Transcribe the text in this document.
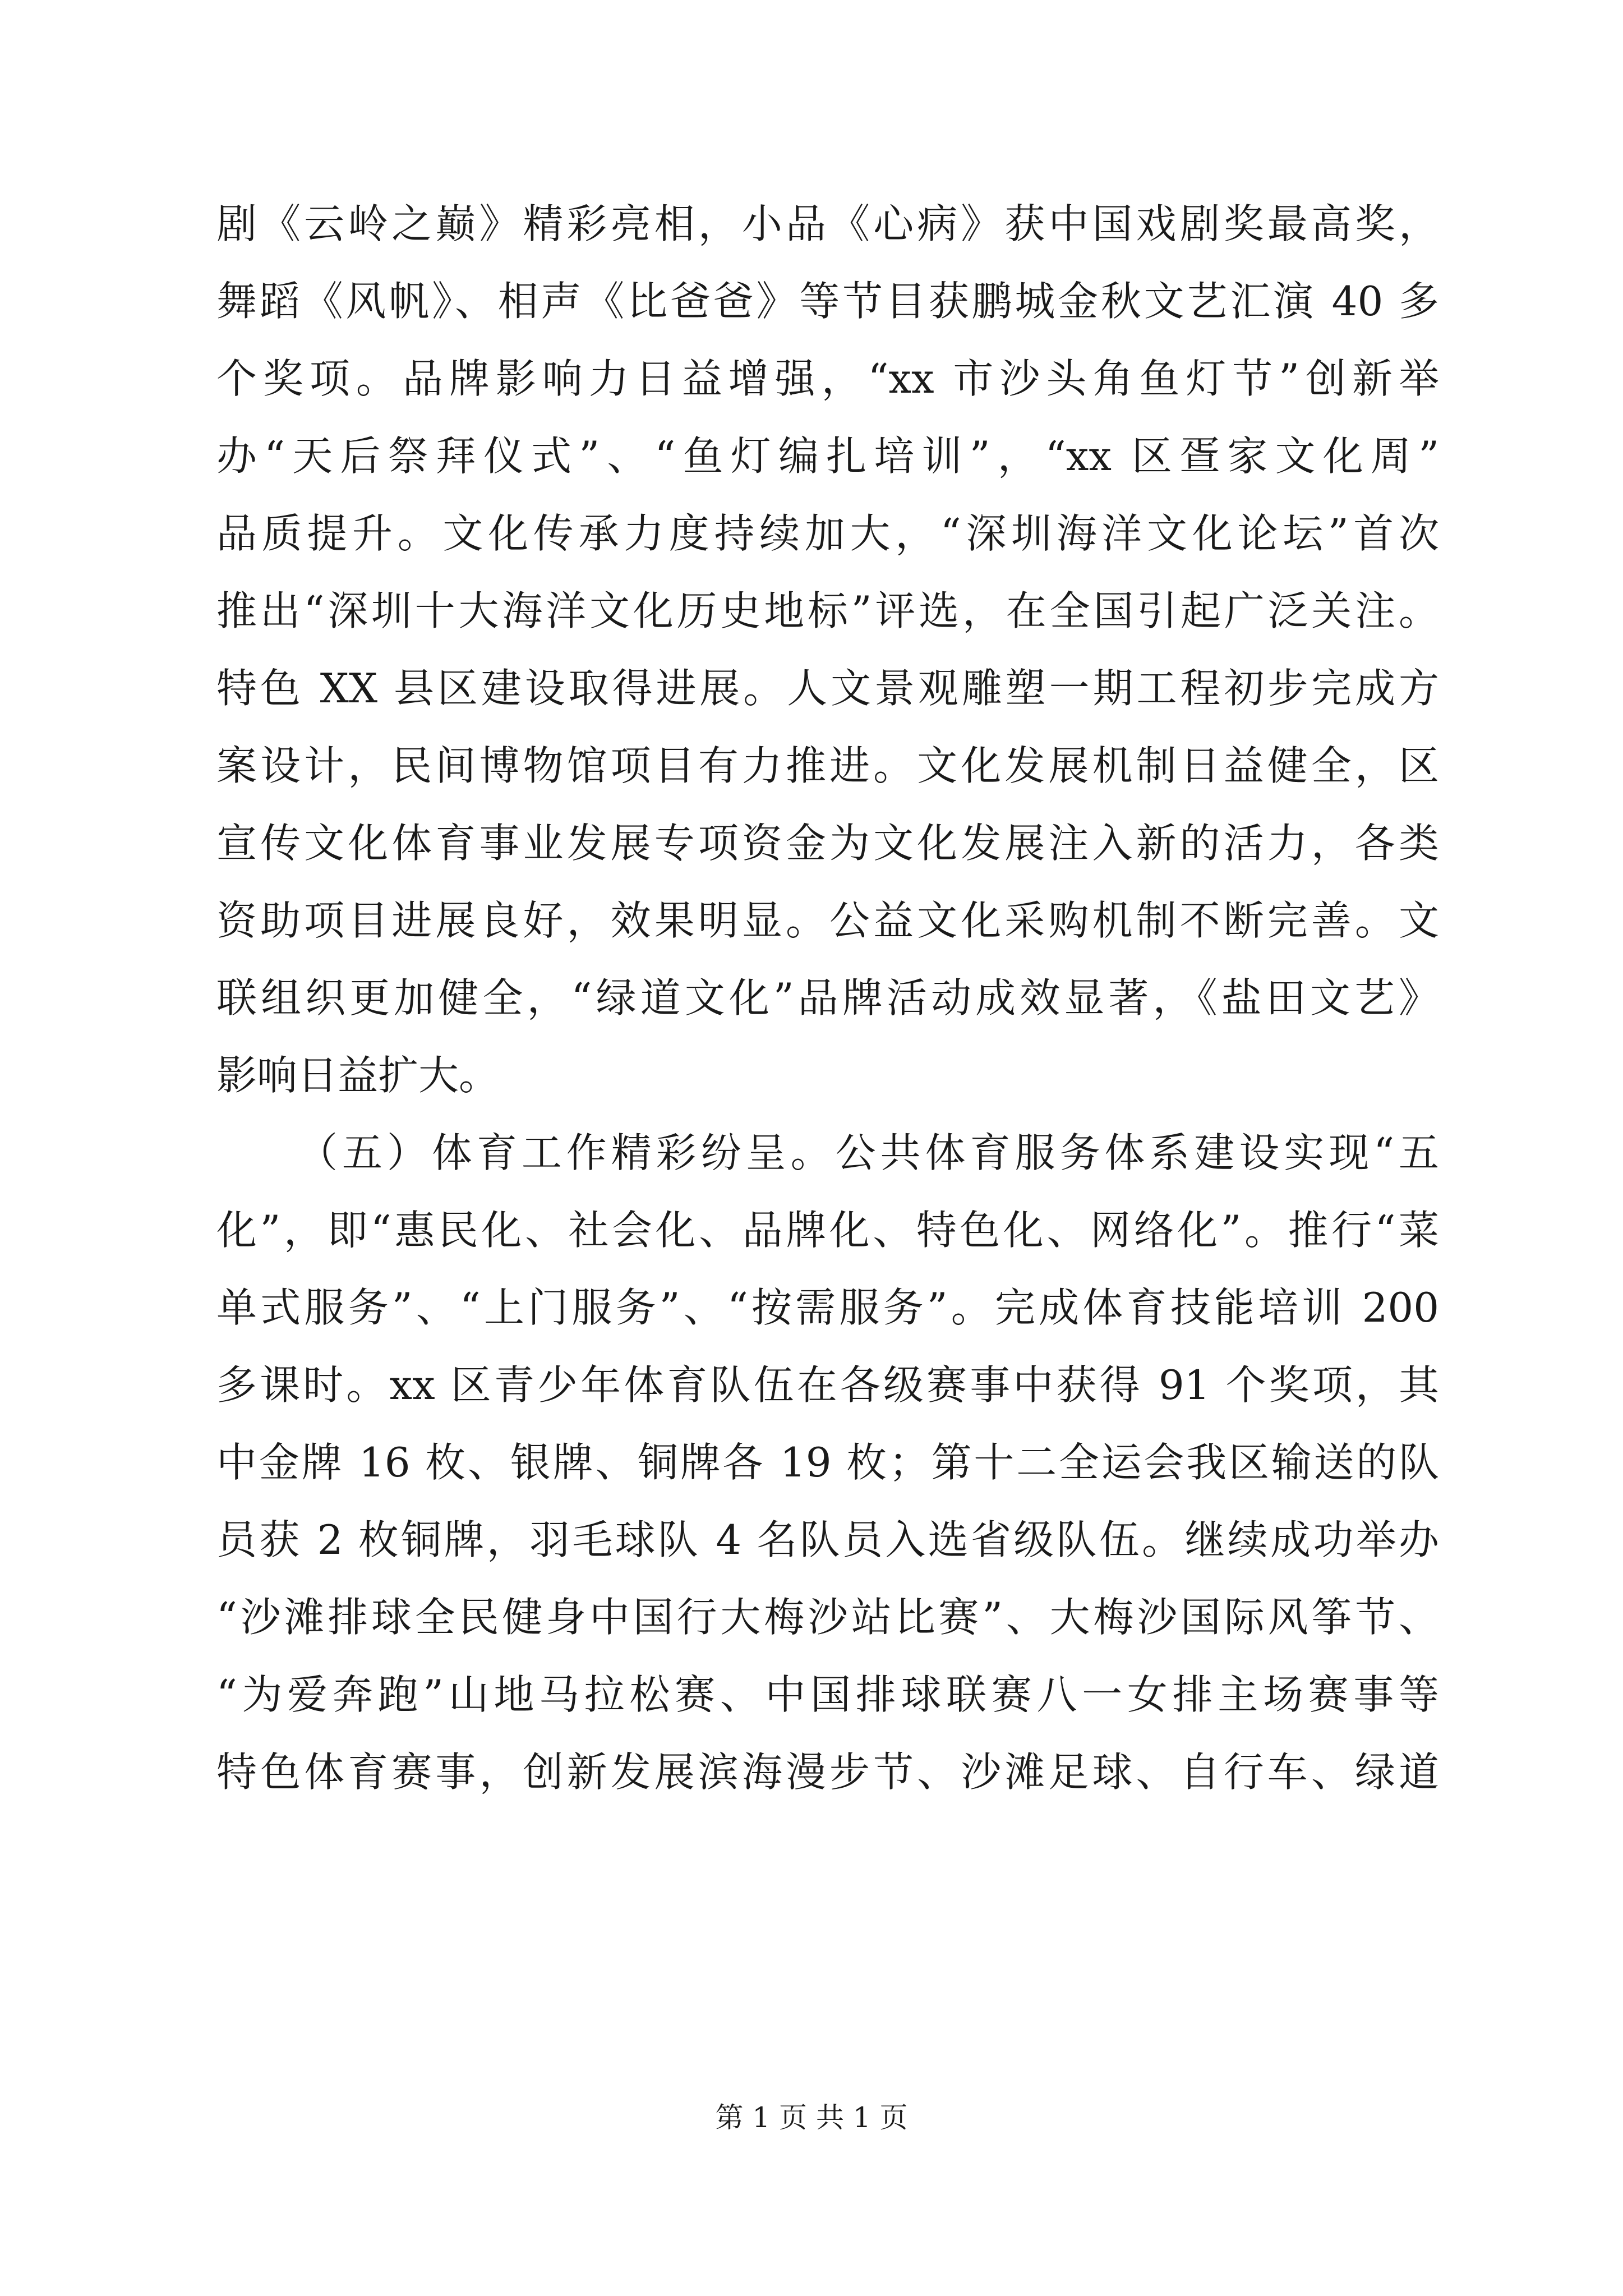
剧《云岭之巅》精彩亮相，小品《心病》获中国戏剧奖最高奖，
舞蹈《风帆》、相声《比爸爸》等节目获鹏城金秋文艺汇演 40 多
个奖项。品牌影响力日益增强，“xx 市沙头角鱼灯节”创新举
办“天后祭拜仪式”、“鱼灯编扎培训”，“xx 区疍家文化周”
品质提升。文化传承力度持续加大，“深圳海洋文化论坛”首次
推出“深圳十大海洋文化历史地标”评选，在全国引起广泛关注。
特色 XX 县区建设取得进展。人文景观雕塑一期工程初步完成方
案设计，民间博物馆项目有力推进。文化发展机制日益健全，区
宣传文化体育事业发展专项资金为文化发展注入新的活力，各类
资助项目进展良好，效果明显。公益文化采购机制不断完善。文
联组织更加健全，“绿道文化”品牌活动成效显著，《盐田文艺》
影响日益扩大。
（五）体育工作精彩纷呈。公共体育服务体系建设实现“五
化”，即“惠民化、社会化、品牌化、特色化、网络化”。推行“菜
单式服务”、“上门服务”、“按需服务”。完成体育技能培训 200
多课时。xx 区青少年体育队伍在各级赛事中获得 91 个奖项，其
中金牌 16 枚、银牌、铜牌各 19 枚；第十二全运会我区输送的队
员获 2 枚铜牌，羽毛球队 4 名队员入选省级队伍。继续成功举办
“沙滩排球全民健身中国行大梅沙站比赛”、大梅沙国际风筝节、
“为爱奔跑”山地马拉松赛、中国排球联赛八一女排主场赛事等
特色体育赛事，创新发展滨海漫步节、沙滩足球、自行车、绿道
第 1 页 共 1 页
